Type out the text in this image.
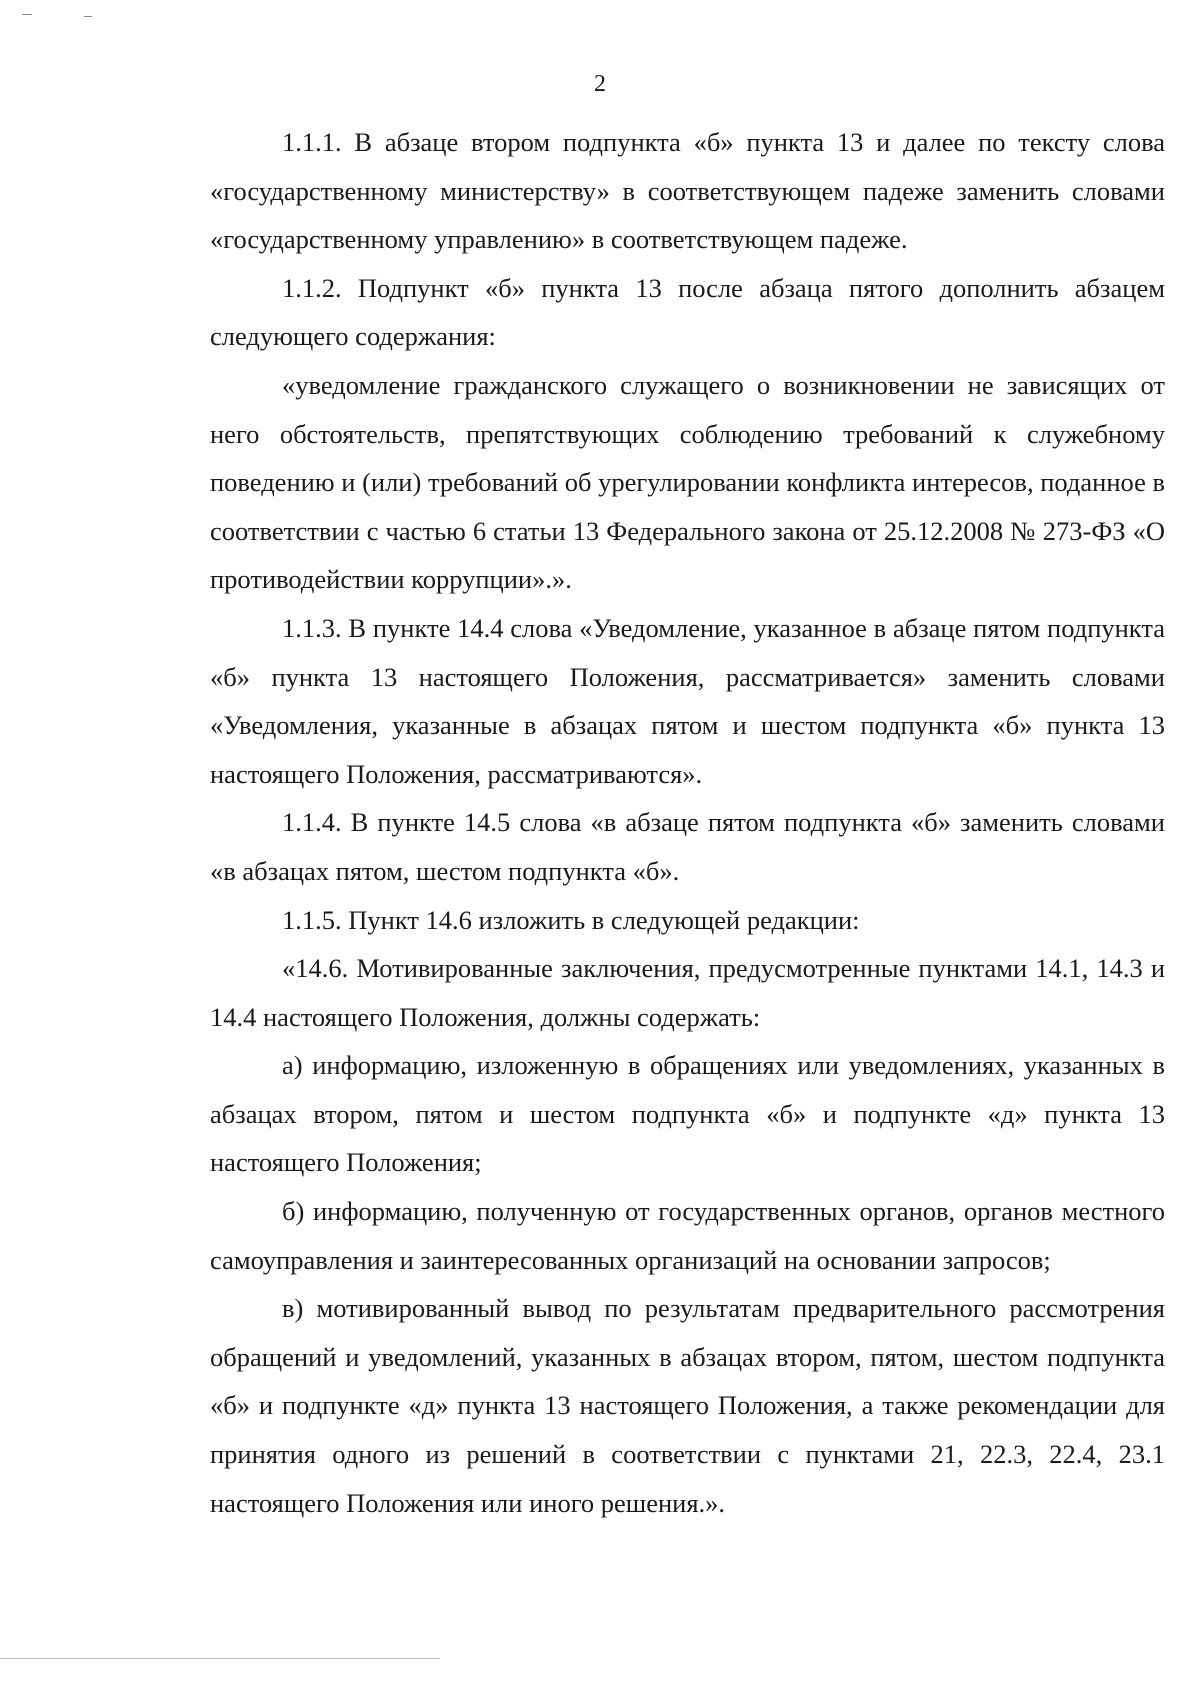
2

1.1.1. В абзаце втором подпункта «б» пункта 13 и далее по тексту слова «государственному министерству» в соответствующем падеже заменить словами «государственному управлению» в соответствующем падеже.

1.1.2. Подпункт «б» пункта 13 после абзаца пятого дополнить абзацем следующего содержания:

«уведомление гражданского служащего о возникновении не зависящих от него обстоятельств, препятствующих соблюдению требований к служебному поведению и (или) требований об урегулировании конфликта интересов, поданное в соответствии с частью 6 статьи 13 Федерального закона от 25.12.2008 № 273-ФЗ «О противодействии коррупции».».

1.1.3. В пункте 14.4 слова «Уведомление, указанное в абзаце пятом подпункта «б» пункта 13 настоящего Положения, рассматривается» заменить словами «Уведомления, указанные в абзацах пятом и шестом подпункта «б» пункта 13 настоящего Положения, рассматриваются».

1.1.4. В пункте 14.5 слова «в абзаце пятом подпункта «б» заменить словами «в абзацах пятом, шестом подпункта «б».

1.1.5. Пункт 14.6 изложить в следующей редакции:

«14.6. Мотивированные заключения, предусмотренные пунктами 14.1, 14.3 и 14.4 настоящего Положения, должны содержать:

а) информацию, изложенную в обращениях или уведомлениях, указанных в абзацах втором, пятом и шестом подпункта «б» и подпункте «д» пункта 13 настоящего Положения;

б) информацию, полученную от государственных органов, органов местного самоуправления и заинтересованных организаций на основании запросов;

в) мотивированный вывод по результатам предварительного рассмотрения обращений и уведомлений, указанных в абзацах втором, пятом, шестом подпункта «б» и подпункте «д» пункта 13 настоящего Положения, а также рекомендации для принятия одного из решений в соответствии с пунктами 21, 22.3, 22.4, 23.1 настоящего Положения или иного решения.».
